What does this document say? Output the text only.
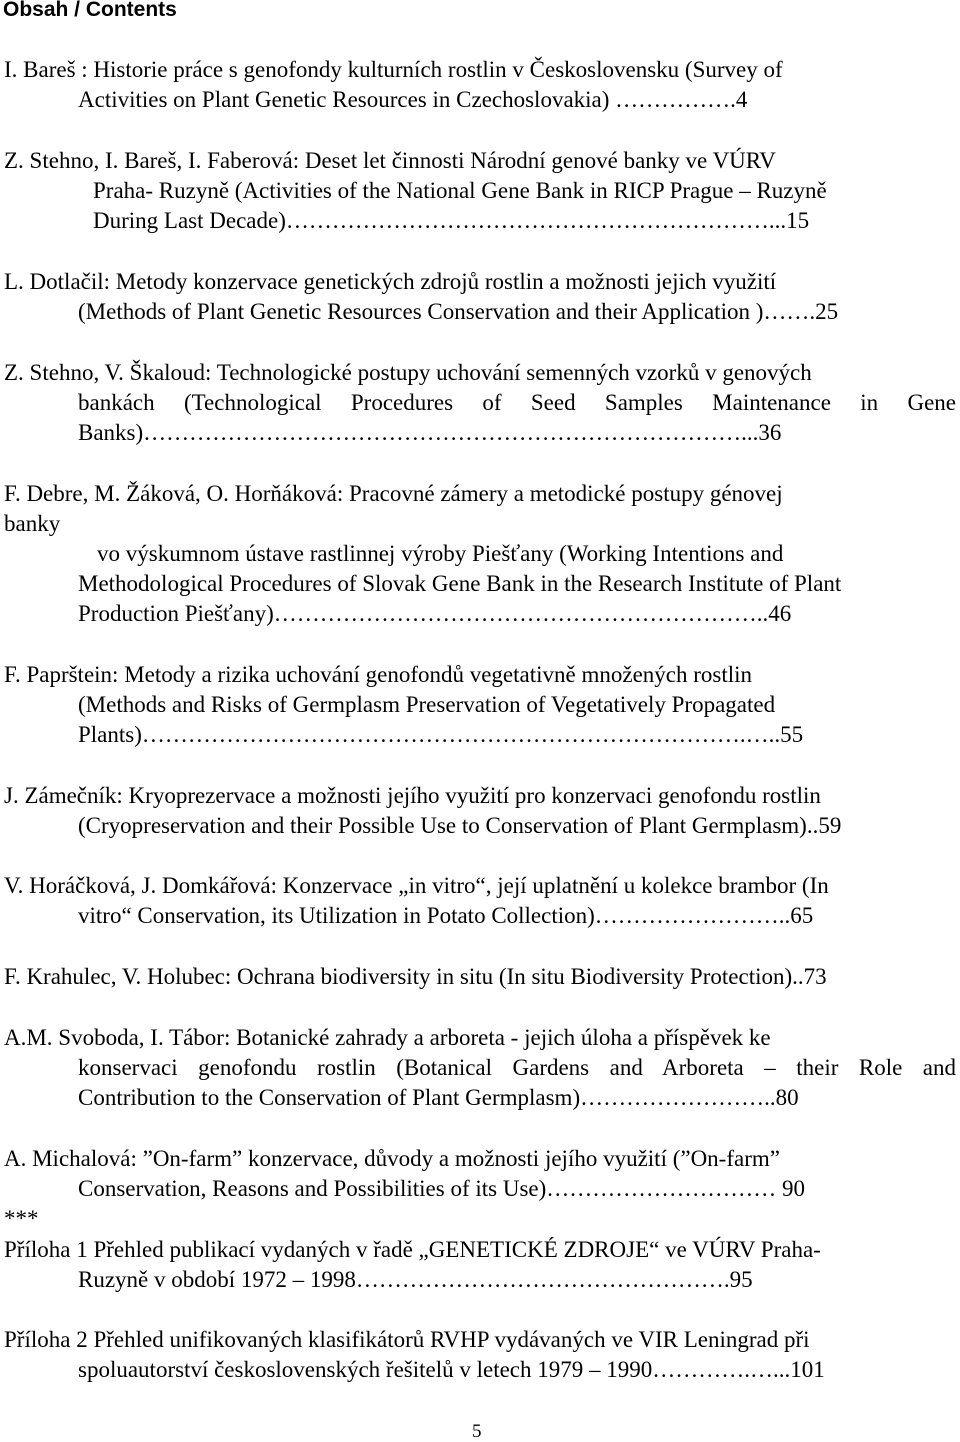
Obsah / Contents
I. Bareš : Historie práce s genofondy kulturních rostlin v Československu (Survey of
Activities on Plant Genetic Resources in Czechoslovakia) …………….4
Z. Stehno, I. Bareš, I. Faberová: Deset let činnosti Národní genové banky ve VÚRV
Praha- Ruzyně (Activities of the National Gene Bank in RICP Prague – Ruzyně
During Last Decade)………………………………………………………...15
L. Dotlačil: Metody konzervace genetických zdrojů rostlin a možnosti jejich využití
(Methods of Plant Genetic Resources Conservation and their Application )…….25
Z. Stehno, V. Škaloud: Technologické postupy uchování semenných vzorků v genových
bankách (Technological Procedures of Seed Samples Maintenance in Gene
Banks)……………………………………………………………………...36
F. Debre, M. Žáková, O. Horňáková: Pracovné zámery a metodické postupy génovej
banky
vo výskumnom ústave rastlinnej výroby Piešťany (Working Intentions and
Methodological Procedures of Slovak Gene Bank in the Research Institute of Plant
Production Piešťany)………………………………………………………..46
F. Paprštein: Metody a rizika uchování genofondů vegetativně množených rostlin
(Methods and Risks of Germplasm Preservation of Vegetatively Propagated
Plants)…………………………………………………………………….…..55
J. Zámečník: Kryoprezervace a možnosti jejího využití pro konzervaci genofondu rostlin
(Cryopreservation and their Possible Use to Conservation of Plant Germplasm)..59
V. Horáčková, J. Domkářová: Konzervace „in vitro“, její uplatnění u kolekce brambor (In
vitro“ Conservation, its Utilization in Potato Collection)……………………..65
F. Krahulec, V. Holubec: Ochrana biodiversity in situ (In situ Biodiversity Protection)..73
A.M. Svoboda, I. Tábor: Botanické zahrady a arboreta - jejich úloha a příspěvek ke
konservaci genofondu rostlin (Botanical Gardens and Arboreta – their Role and
Contribution to the Conservation of Plant Germplasm)……………………..80
A. Michalová: ”On-farm” konzervace, důvody a možnosti jejího využití (”On-farm”
Conservation, Reasons and Possibilities of its Use)………………………… 90
***
Příloha 1 Přehled publikací vydaných v řadě „GENETICKÉ ZDROJE“ ve VÚRV Praha-
Ruzyně v období 1972 – 1998………………………………………….95
Příloha 2 Přehled unifikovaných klasifikátorů RVHP vydávaných ve VIR Leningrad při
spoluautorství československých řešitelů v letech 1979 – 1990………….…...101
5
